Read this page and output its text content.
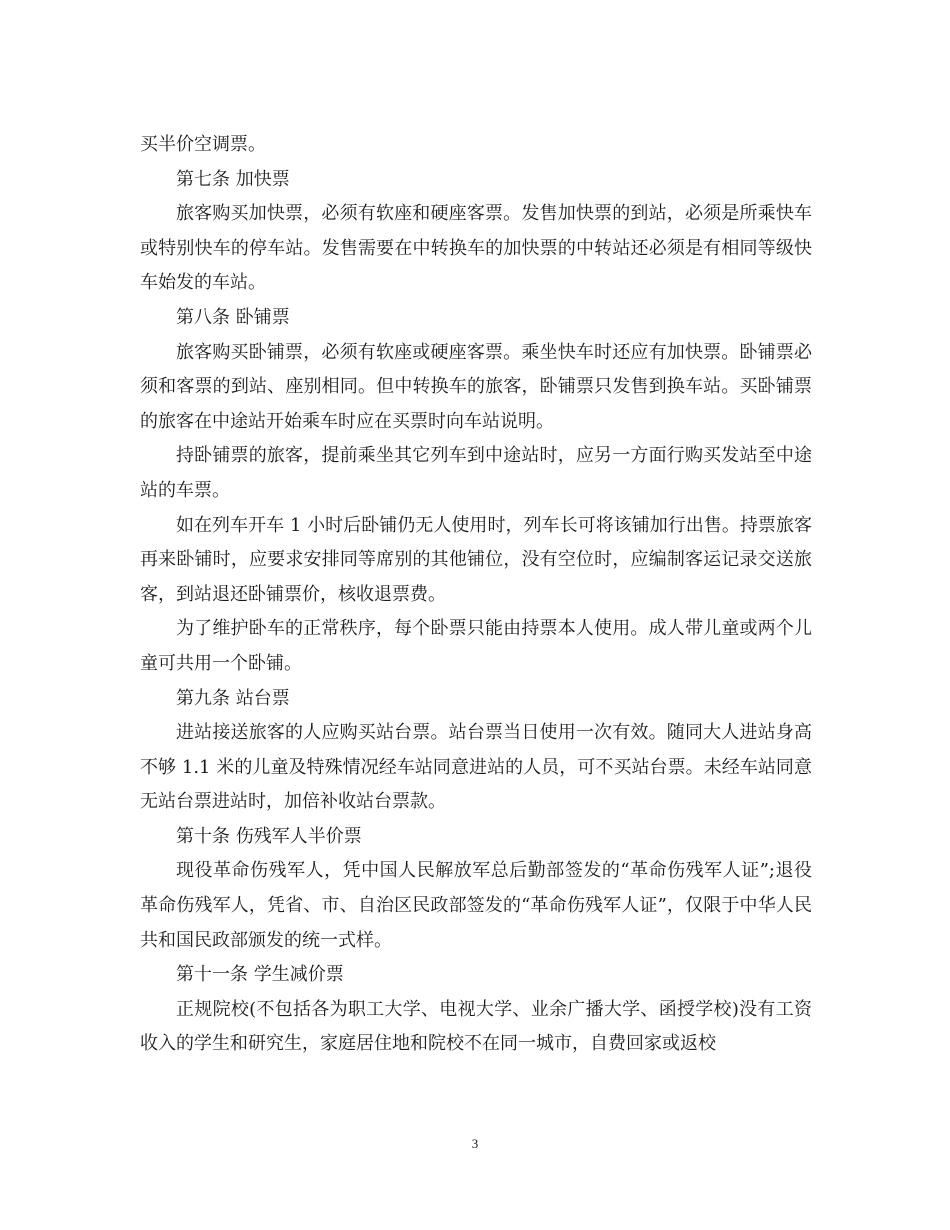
买半价空调票。

第七条 加快票

旅客购买加快票，必须有软座和硬座客票。发售加快票的到站，必须是所乘快车或特别快车的停车站。发售需要在中转换车的加快票的中转站还必须是有相同等级快车始发的车站。

第八条 卧铺票

旅客购买卧铺票，必须有软座或硬座客票。乘坐快车时还应有加快票。卧铺票必须和客票的到站、座别相同。但中转换车的旅客，卧铺票只发售到换车站。买卧铺票的旅客在中途站开始乘车时应在买票时向车站说明。

持卧铺票的旅客，提前乘坐其它列车到中途站时，应另一方面行购买发站至中途站的车票。

如在列车开车 1 小时后卧铺仍无人使用时，列车长可将该铺加行出售。持票旅客再来卧铺时，应要求安排同等席别的其他铺位，没有空位时，应编制客运记录交送旅客，到站退还卧铺票价，核收退票费。

为了维护卧车的正常秩序，每个卧票只能由持票本人使用。成人带儿童或两个儿童可共用一个卧铺。

第九条 站台票

进站接送旅客的人应购买站台票。站台票当日使用一次有效。随同大人进站身高不够 1.1 米的儿童及特殊情况经车站同意进站的人员，可不买站台票。未经车站同意无站台票进站时，加倍补收站台票款。

第十条 伤残军人半价票

现役革命伤残军人，凭中国人民解放军总后勤部签发的“革命伤残军人证”;退役革命伤残军人，凭省、市、自治区民政部签发的“革命伤残军人证”，仅限于中华人民共和国民政部颁发的统一式样。

第十一条 学生减价票

正规院校(不包括各为职工大学、电视大学、业余广播大学、函授学校)没有工资收入的学生和研究生，家庭居住地和院校不在同一城市，自费回家或返校

3
